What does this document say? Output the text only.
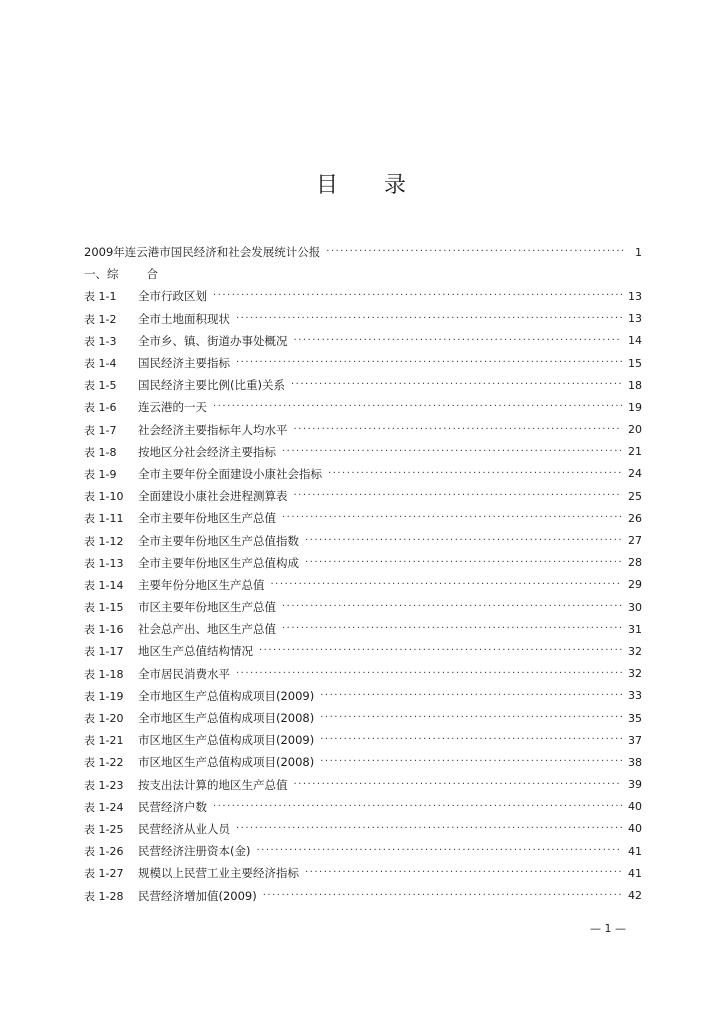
目 录
2009年连云港市国民经济和社会发展统计公报 ·····	1
一、综 合
表 1-1	全市行政区划 ·····	13
表 1-2	全市土地面积现状 ·····	13
表 1-3	全市乡、镇、街道办事处概况 ·····	14
表 1-4	国民经济主要指标 ·····	15
表 1-5	国民经济主要比例(比重)关系 ·····	18
表 1-6	连云港的一天 ·····	19
表 1-7	社会经济主要指标年人均水平 ·····	20
表 1-8	按地区分社会经济主要指标 ·····	21
表 1-9	全市主要年份全面建设小康社会指标 ·····	24
表 1-10	全面建设小康社会进程测算表 ·····	25
表 1-11	全市主要年份地区生产总值 ·····	26
表 1-12	全市主要年份地区生产总值指数 ·····	27
表 1-13	全市主要年份地区生产总值构成 ·····	28
表 1-14	主要年份分地区生产总值 ·····	29
表 1-15	市区主要年份地区生产总值 ·····	30
表 1-16	社会总产出、地区生产总值 ·····	31
表 1-17	地区生产总值结构情况 ·····	32
表 1-18	全市居民消费水平 ·····	32
表 1-19	全市地区生产总值构成项目(2009) ·····	33
表 1-20	全市地区生产总值构成项目(2008) ·····	35
表 1-21	市区地区生产总值构成项目(2009) ·····	37
表 1-22	市区地区生产总值构成项目(2008) ·····	38
表 1-23	按支出法计算的地区生产总值 ·····	39
表 1-24	民营经济户数 ·····	40
表 1-25	民营经济从业人员 ·····	40
表 1-26	民营经济注册资本(金) ·····	41
表 1-27	规模以上民营工业主要经济指标 ·····	41
表 1-28	民营经济增加值(2009) ·····	42
— 1 —
